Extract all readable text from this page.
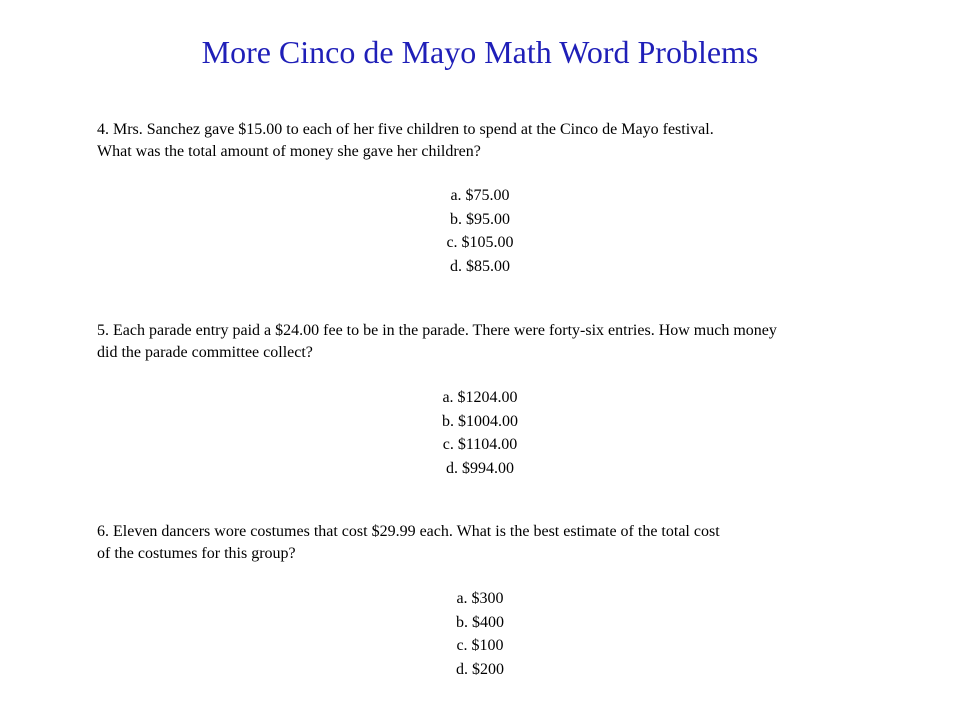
More Cinco de Mayo Math Word Problems
4. Mrs. Sanchez gave $15.00 to each of her five children to spend at the Cinco de Mayo festival.
What was the total amount of money she gave her children?
a. $75.00
b. $95.00
c. $105.00
d. $85.00
5. Each parade entry paid a $24.00 fee to be in the parade. There were forty-six entries. How much money
did the parade committee collect?
a. $1204.00
b. $1004.00
c. $1104.00
d. $994.00
6. Eleven dancers wore costumes that cost $29.99 each. What is the best estimate of the total cost
of the costumes for this group?
a. $300
b. $400
c. $100
d. $200
